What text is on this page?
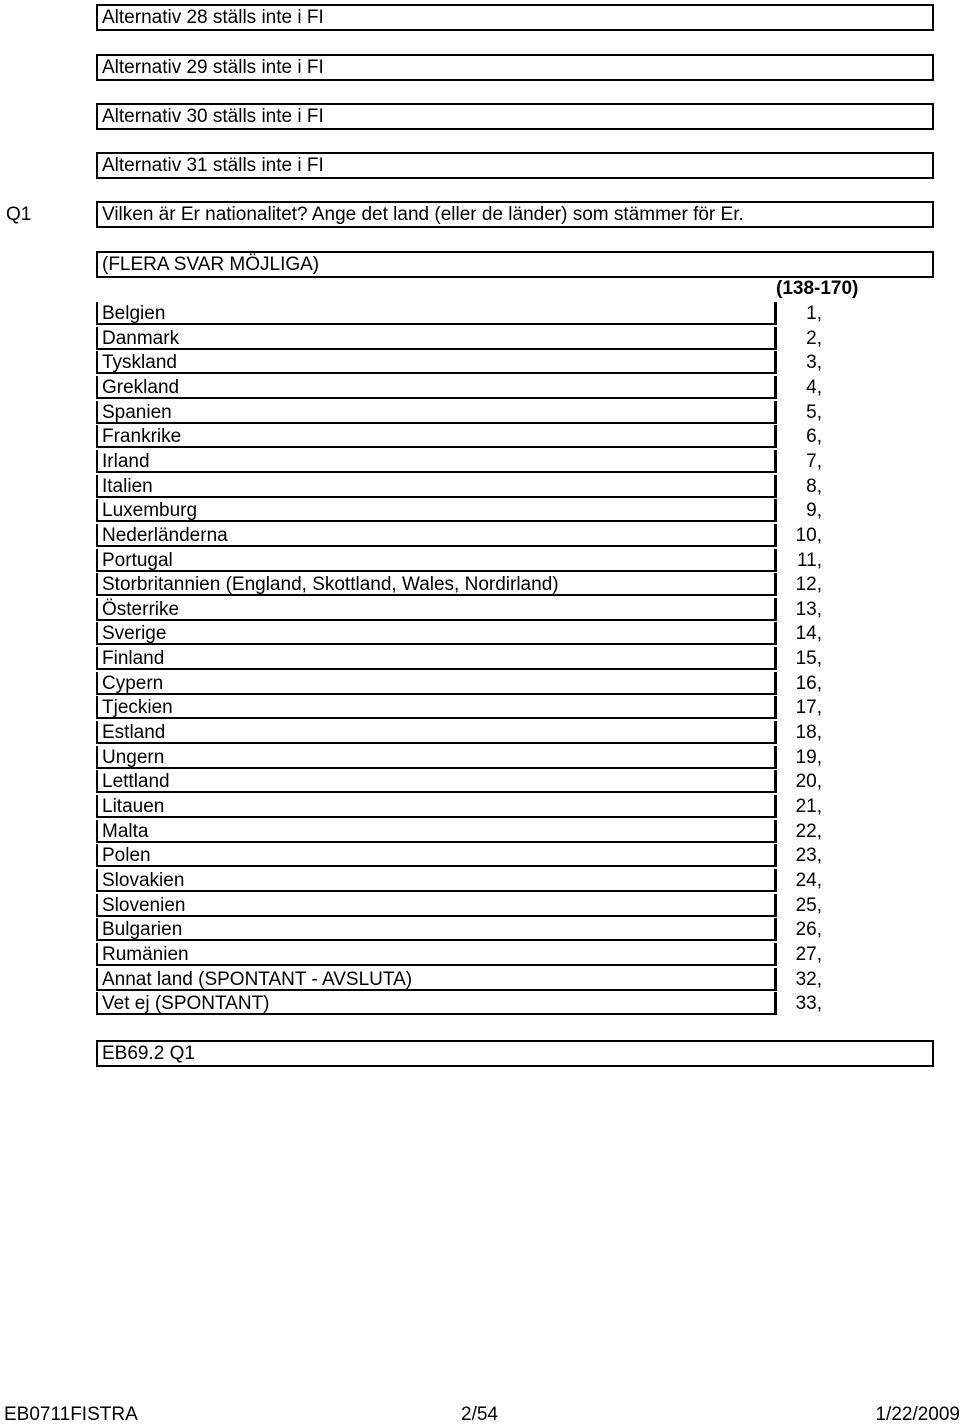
Alternativ 28 ställs inte i FI
Alternativ 29 ställs inte i FI
Alternativ 30 ställs inte i FI
Alternativ 31 ställs inte i FI
Q1	Vilken är Er nationalitet? Ange det land (eller de länder) som stämmer för Er.
(FLERA SVAR MÖJLIGA)
(138-170)
Belgien	1,
Danmark	2,
Tyskland	3,
Grekland	4,
Spanien	5,
Frankrike	6,
Irland	7,
Italien	8,
Luxemburg	9,
Nederländerna	10,
Portugal	11,
Storbritannien (England, Skottland, Wales, Nordirland)	12,
Österrike	13,
Sverige	14,
Finland	15,
Cypern	16,
Tjeckien	17,
Estland	18,
Ungern	19,
Lettland	20,
Litauen	21,
Malta	22,
Polen	23,
Slovakien	24,
Slovenien	25,
Bulgarien	26,
Rumänien	27,
Annat land (SPONTANT - AVSLUTA)	32,
Vet ej (SPONTANT)	33,
EB69.2 Q1
EB0711FISTRA	2/54	1/22/2009
